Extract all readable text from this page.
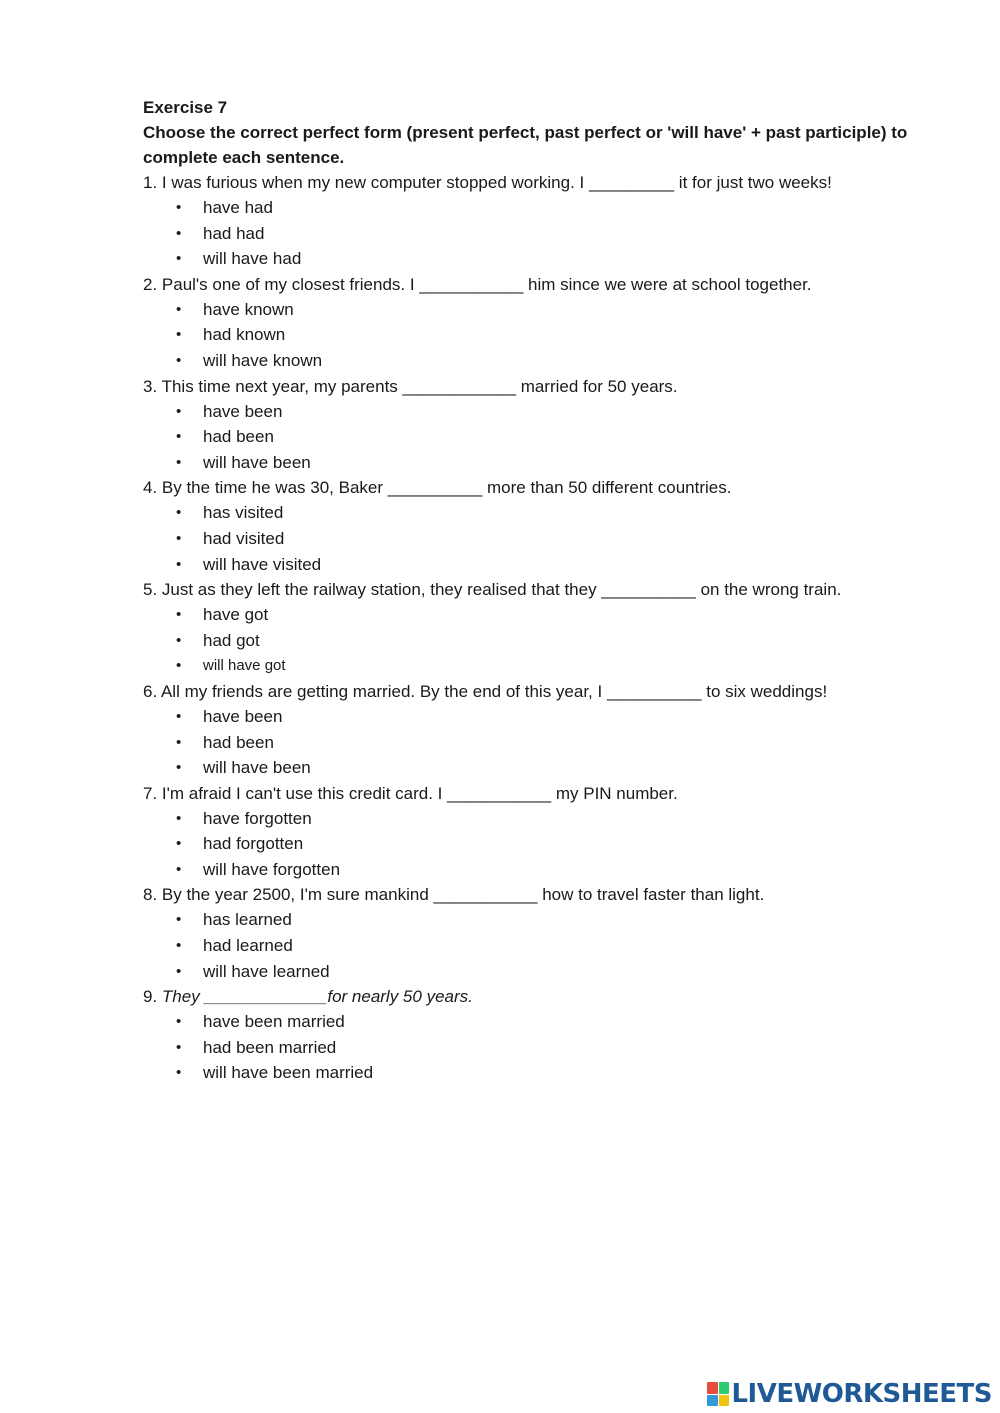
Exercise 7

Choose the correct perfect form (present perfect, past perfect or 'will have' + past participle) to complete each sentence.

1. I was furious when my new computer stopped working. I _________ it for just two weeks!

• have had
• had had
• will have had

2. Paul's one of my closest friends. I ___________ him since we were at school together.

• have known
• had known
• will have known

3. This time next year, my parents ____________ married for 50 years.

• have been
• had been
• will have been

4. By the time he was 30, Baker __________ more than 50 different countries.

• has visited
• had visited
• will have visited

5. Just as they left the railway station, they realised that they __________ on the wrong train.

• have got
• had got
• will have got

6. All my friends are getting married. By the end of this year, I __________ to six weddings!

• have been
• had been
• will have been

7. I'm afraid I can't use this credit card. I ___________ my PIN number.

• have forgotten
• had forgotten
• will have forgotten

8. By the year 2500, I'm sure mankind ___________ how to travel faster than light.

• has learned
• had learned
• will have learned

9. They _____________for nearly 50 years.

• have been married
• had been married
• will have been married
LIVEWORKSHEETS
